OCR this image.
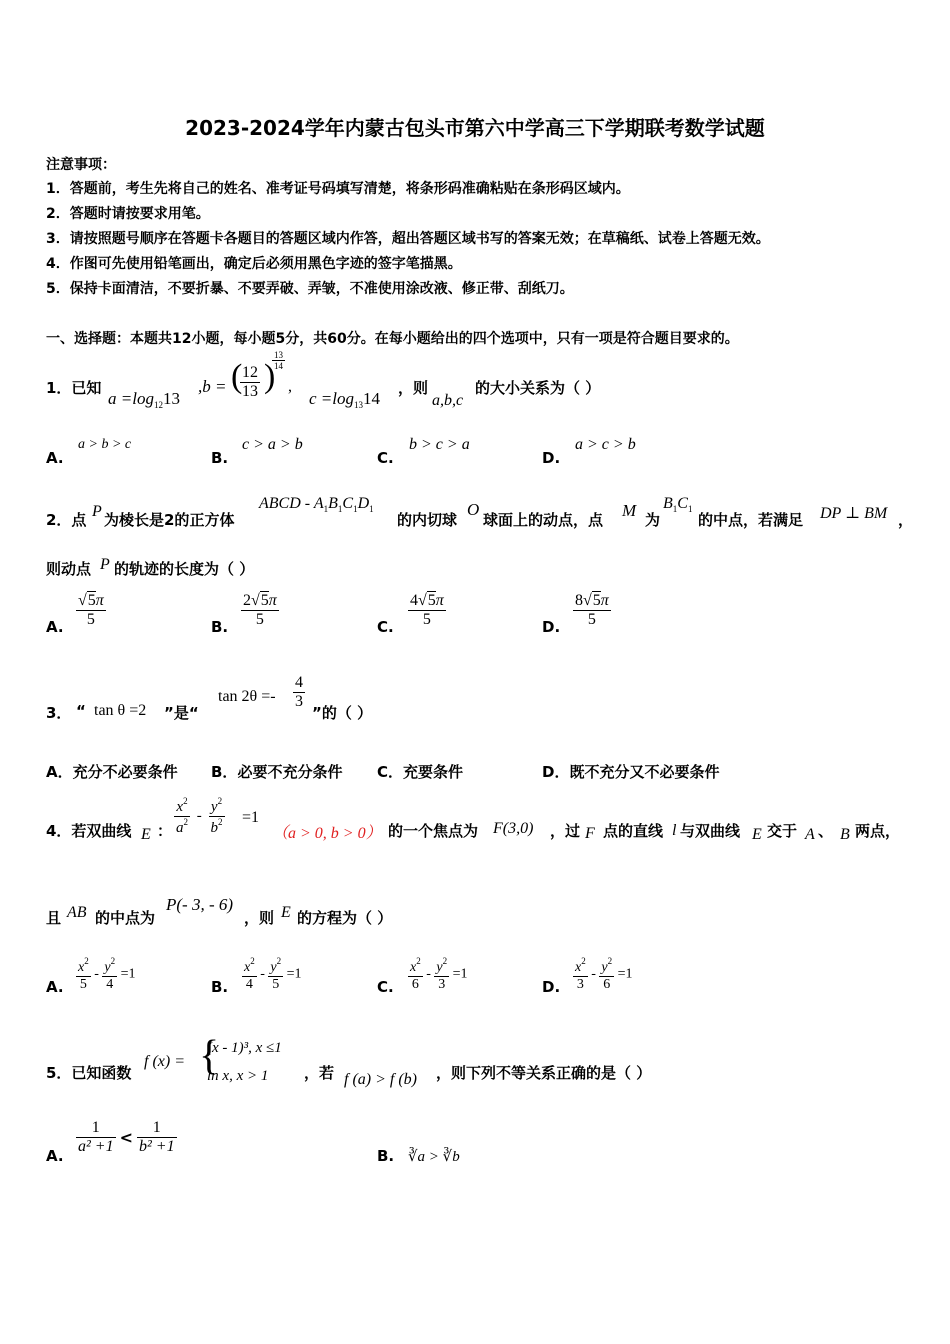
2023-2024学年内蒙古包头市第六中学高三下学期联考数学试题
注意事项：
1．答题前，考生先将自己的姓名、准考证号码填写清楚，将条形码准确粘贴在条形码区域内。
2．答题时请按要求用笔。
3．请按照题号顺序在答题卡各题目的答题区域内作答，超出答题区域书写的答案无效；在草稿纸、试卷上答题无效。
4．作图可先使用铅笔画出，确定后必须用黑色字迹的签字笔描黑。
5．保持卡面清洁，不要折暴、不要弄破、弄皱，不准使用涂改液、修正带、刮纸刀。
一、选择题：本题共12小题，每小题5分，共60分。在每小题给出的四个选项中，只有一项是符合题目要求的。
1．已知
$a =\log_{12}13$
,b = (
$\frac{12}{13}$ )
$\frac{13}{14}$
,
$c =\log_{13}14$
，则
a,b,c
的大小关系为（ ）
A.
a > b > c
B.
c > a > b
C.
b > c > a
D.
a > c > b
2．点 P 为棱长是2的正方体
ABCD - $A_1B_1C_1D_1$
的内切球
O
球面上的动点，点 M 为
$B_1C_1$
的中点，若满足 DP ⊥ BM ，
则动点 P 的轨迹的长度为（ ）
A. $\frac{√5\pi}{5}$	B. $\frac{2√5\pi}{5}$	C. $\frac{4√5\pi}{5}$	D. $\frac{8√5\pi}{5}$
3． “ tan θ =2 ”是“
$\tan 2\theta =- \frac{4}{3}$
”的（ ）
A．充分不必要条件 B．必要不充分条件 C．充要条件	D．既不充分又不必要条件
4．若双曲线 E ： $\frac{x^2}{a^2} - \frac{y^2}{b^2} =1$
（a > 0, b > 0） 的一个焦点为 F(3,0) ，过 F 点的直线 l 与双曲线 E 交于 A 、 B 两点，
且 AB 的中点为
P(- 3, - 6)
，则 E 的方程为（ ）
A. $\frac{x^2}{5} - \frac{y^2}{4} =1$
B. $\frac{x^2}{4} - \frac{y^2}{5} =1$
C. $\frac{x^2}{6} - \frac{y^2}{3} =1$
D. $\frac{x^2}{3} - \frac{y^2}{6} =1$
5．已知函数
f (x) = {
(x - 1)³, x ≤1
ln x, x > 1 ，若 f (a) > f (b) ，则下列不等关系正确的是（ ）
A. $\frac{1}{\text{a² +1}} < \frac{1}{\text{b² +1}}$	B. ∛a > ∛b
